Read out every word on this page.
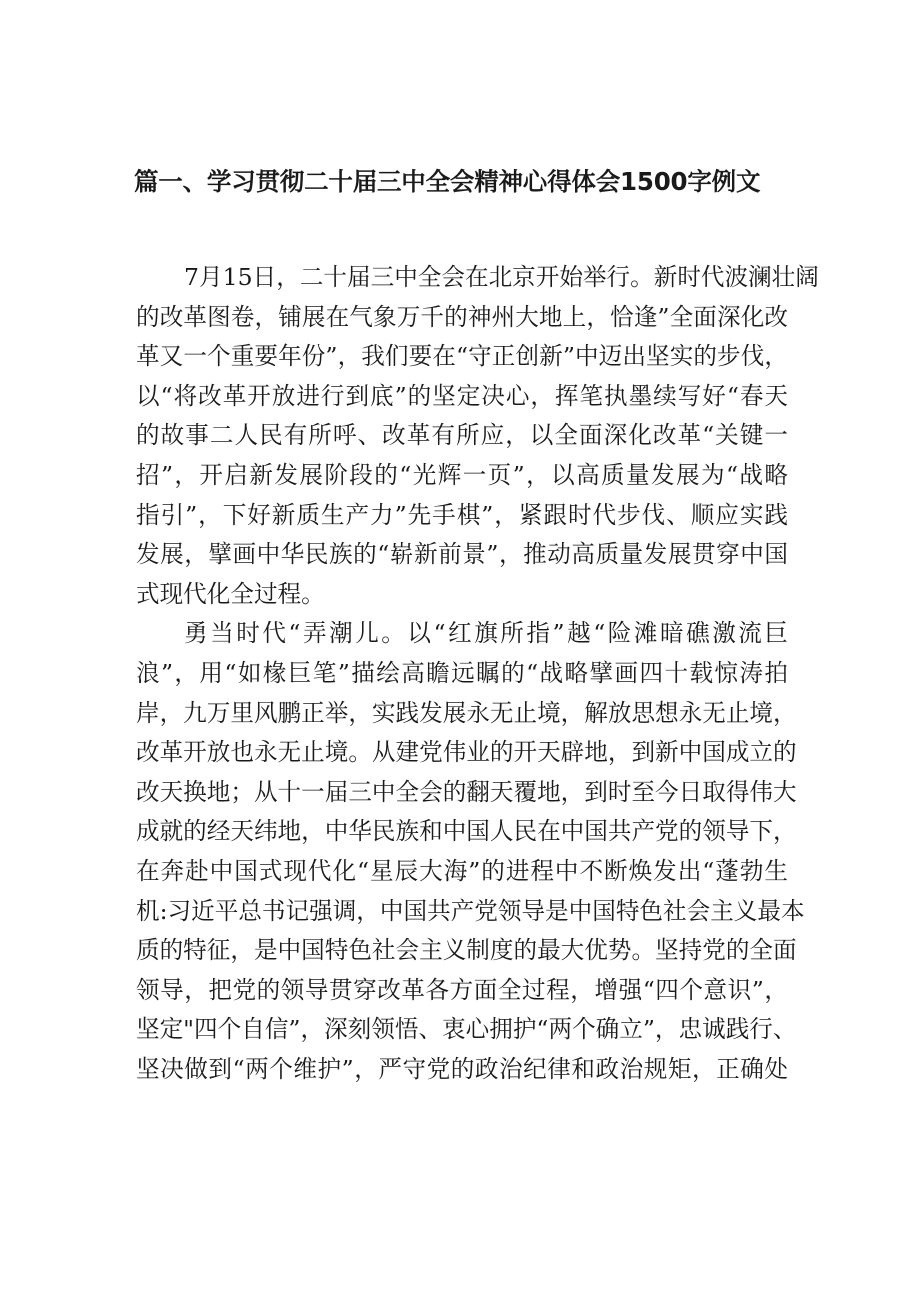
篇一、学习贯彻二十届三中全会精神心得体会1500字例文
7月15日，二十届三中全会在北京开始举行。新时代波澜壮阔
的改革图卷，铺展在气象万千的神州大地上，恰逢”全面深化改
革又一个重要年份”，我们要在“守正创新”中迈出坚实的步伐，
以“将改革开放进行到底”的坚定决心，挥笔执墨续写好“春天
的故事二人民有所呼、改革有所应，以全面深化改革“关键一
招”，开启新发展阶段的“光辉一页”，以高质量发展为“战略
指引”，下好新质生产力”先手棋”，紧跟时代步伐、顺应实践
发展，擘画中华民族的“崭新前景”，推动高质量发展贯穿中国
式现代化全过程。
勇当时代“弄潮儿。以“红旗所指”越“险滩暗礁激流巨
浪”，用“如椽巨笔”描绘高瞻远瞩的“战略擘画四十载惊涛拍
岸，九万里风鹏正举，实践发展永无止境，解放思想永无止境，
改革开放也永无止境。从建党伟业的开天辟地，到新中国成立的
改天换地；从十一届三中全会的翻天覆地，到时至今日取得伟大
成就的经天纬地，中华民族和中国人民在中国共产党的领导下，
在奔赴中国式现代化“星辰大海”的进程中不断焕发出“蓬勃生
机:习近平总书记强调，中国共产党领导是中国特色社会主义最本
质的特征，是中国特色社会主义制度的最大优势。坚持党的全面
领导，把党的领导贯穿改革各方面全过程，增强“四个意识”，
坚定"四个自信”，深刻领悟、衷心拥护“两个确立”，忠诚践行、
坚决做到“两个维护”，严守党的政治纪律和政治规矩，正确处
